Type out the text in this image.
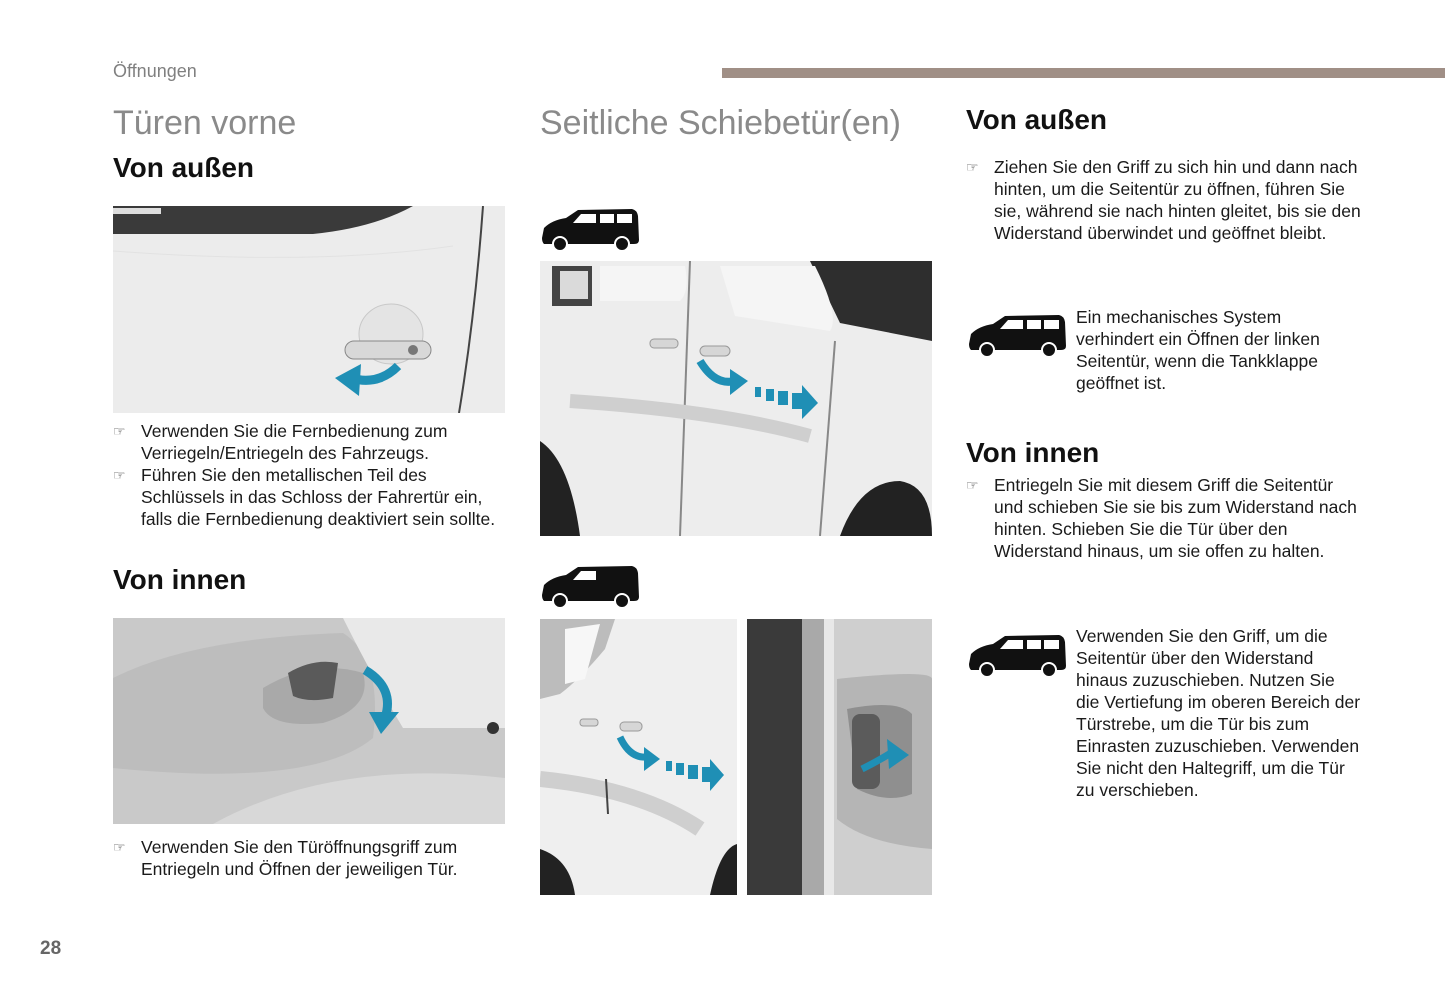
Öffnungen
Türen vorne
Von außen
☞ Verwenden Sie die Fernbedienung zum Verriegeln/Entriegeln des Fahrzeugs.
☞ Führen Sie den metallischen Teil des Schlüssels in das Schloss der Fahrertür ein, falls die Fernbedienung deaktiviert sein sollte.
Von innen
☞ Verwenden Sie den Türöffnungsgriff zum Entriegeln und Öffnen der jeweiligen Tür.
28
Seitliche Schiebetür(en) Von außen
☞ Ziehen Sie den Griff zu sich hin und dann nach hinten, um die Seitentür zu öffnen, führen Sie sie, während sie nach hinten gleitet, bis sie den Widerstand überwindet und geöffnet bleibt.
Ein mechanisches System verhindert ein Öffnen der linken Seitentür, wenn die Tankklappe geöffnet ist.
Von innen
☞ Entriegeln Sie mit diesem Griff die Seitentür und schieben Sie sie bis zum Widerstand nach hinten. Schieben Sie die Tür über den Widerstand hinaus, um sie offen zu halten.
Verwenden Sie den Griff, um die Seitentür über den Widerstand hinaus zuzuschieben. Nutzen Sie die Vertiefung im oberen Bereich der Türstrebe, um die Tür bis zum Einrasten zuzuschieben. Verwenden Sie nicht den Haltegriff, um die Tür zu verschieben.
